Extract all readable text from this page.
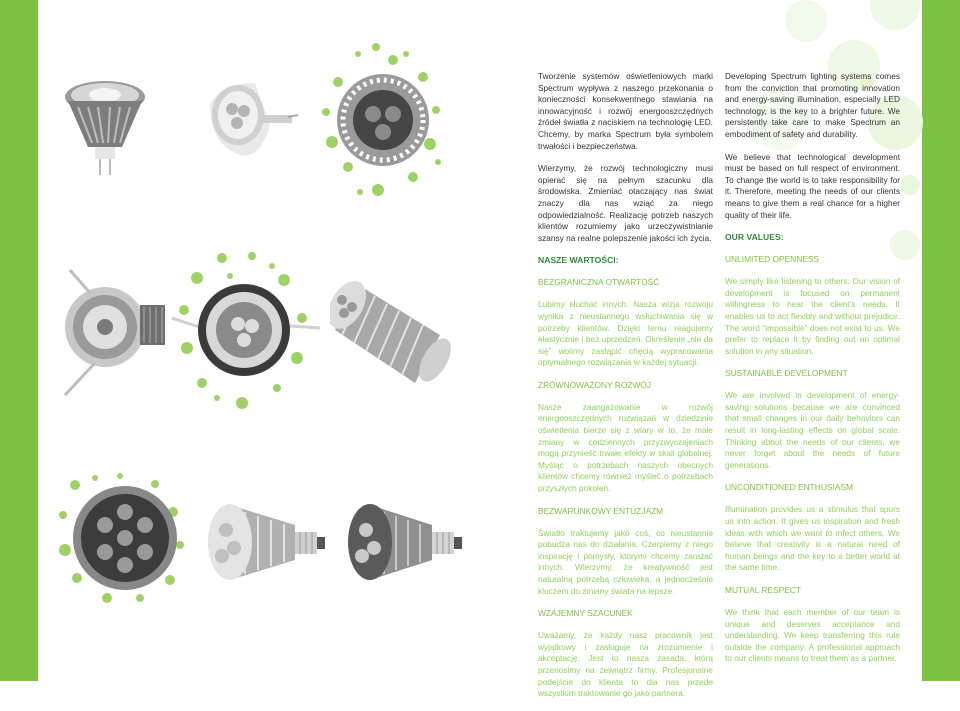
Tworzenie systemów oświetleniowych marki Spectrum wypływa z naszego przekonania o konieczności konsekwentnego stawiania na innowacyjność i rozwój energooszczędnych źródeł światła z naciskiem na technologię LED. Chcemy, by marka Spectrum była symbolem trwałości i bezpieczeństwa.

Wierzymy, że rozwój technologiczny musi opierać się na pełnym szacunku dla środowiska. Zmieniać otaczający nas świat znaczy dla nas wziąć za niego odpowiedzialność. Realizację potrzeb naszych klientów rozumiemy jako urzeczywistnianie szansy na realne polepszenie jakości ich życia.

NASZE WARTOŚCI:

BEZGRANICZNA OTWARTOŚĆ

Lubimy słuchać innych. Nasza wizja rozwoju wynika z nieustannego wsłuchiwania się w potrzeby klientów. Dzięki temu reagujemy elastycznie i bez uprzedzeń. Określenie „nie da się” wolimy zastąpić chęcią wypracowania optymalnego rozwiązania w każdej sytuacji.

ZRÓWNOWAŻONY ROZWÓJ

Nasze zaangażowanie w rozwój energooszczędnych rozwiązań w dziedzinie oświetlenia bierze się z wiary w to, że małe zmiany w codziennych przyzwyczajeniach mogą przynieść trwałe efekty w skali globalnej. Myśląc o potrzebach naszych obecnych klientów chcemy również myśleć o potrzebach przyszłych pokoleń.

BEZWARUNKOWY ENTUZJAZM

Światło traktujemy jako coś, co nieustannie pobudza nas do działania. Czerpiemy z niego inspirację i pomysły, którymi chcemy zarażać innych. Wierzymy, że kreatywność jest naturalną potrzebą człowieka, a jednocześnie kluczem do zmiany świata na lepsze.

WZAJEMNY SZACUNEK

Uważamy, że każdy nasz pracownik jest wyjątkowy i zasługuje na zrozumienie i akceptację. Jest to nasza zasada, którą przenosimy na zewnątrz firmy. Profesjonalne podejście do klienta to dla nas przede wszystkim traktowanie go jako partnera.

Developing Spectrum lighting systems comes from the conviction that promoting innovation and energy-saving illumination, especially LED technology, is the key to a brighter future. We persistently take care to make Spectrum an embodiment of safety and durability.

We believe that technological development must be based on full respect of environment. To change the world is to take responsibility for it. Therefore, meeting the needs of our clients means to give them a real chance for a higher quality of their life.

OUR VALUES:

UNLIMITED OPENNESS

We simply like listening to others. Our vision of development is focused on permanent willingness to hear the client’s needs. It enables us to act flexibly and without prejudice. The word “impossible” does not exist to us. We prefer to replace it by finding out an optimal solution in any situation.

SUSTAINABLE DEVELOPMENT

We are involved in development of energy-saving solutions because we are convinced that small changes in our daily behaviors can result in long-lasting effects on global scale. Thinking about the needs of our clients, we never forget about the needs of future generations.

UNCONDITIONED ENTHUSIASM

Illumination provides us a stimulus that spurs us into action. It gives us inspiration and fresh ideas with which we want to infect others. We believe that creativity is a natural need of human beings and the key to a better world at the same time.

MUTUAL RESPECT

We think that each member of our team is unique and deserves acceptance and understanding. We keep transferring this rule outside the company. A professional approach to our clients means to treat them as a partner.
